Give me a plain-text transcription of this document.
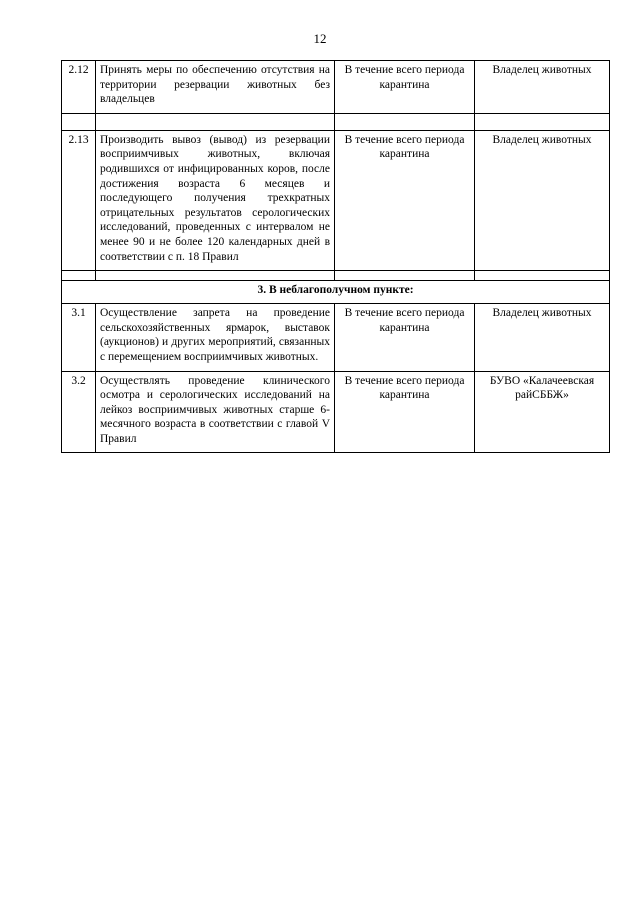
12
2.12	Принять меры по обеспечению отсутствия на территории резервации животных без владельцев	В течение всего периода карантина	Владелец животных

2.13	Производить вывоз (вывод) из резервации восприимчивых животных, включая родившихся от инфицированных коров, после достижения возраста 6 месяцев и последующего получения трехкратных отрицательных результатов серологических исследований, проведенных с интервалом не менее 90 и не более 120 календарных дней в соответствии с п. 18 Правил	В течение всего периода карантина	Владелец животных

3. В неблагополучном пункте:			
3.1	Осуществление запрета на проведение сельскохозяйственных ярмарок, выставок (аукционов) и других мероприятий, связанных с перемещением восприимчивых животных.	В течение всего периода карантина	Владелец животных
3.2	Осуществлять проведение клинического осмотра и серологических исследований на лейкоз восприимчивых животных старше 6-месячного возраста в соответствии с главой V Правил	В течение всего периода карантина	БУВО «Калачеевская райСББЖ»
